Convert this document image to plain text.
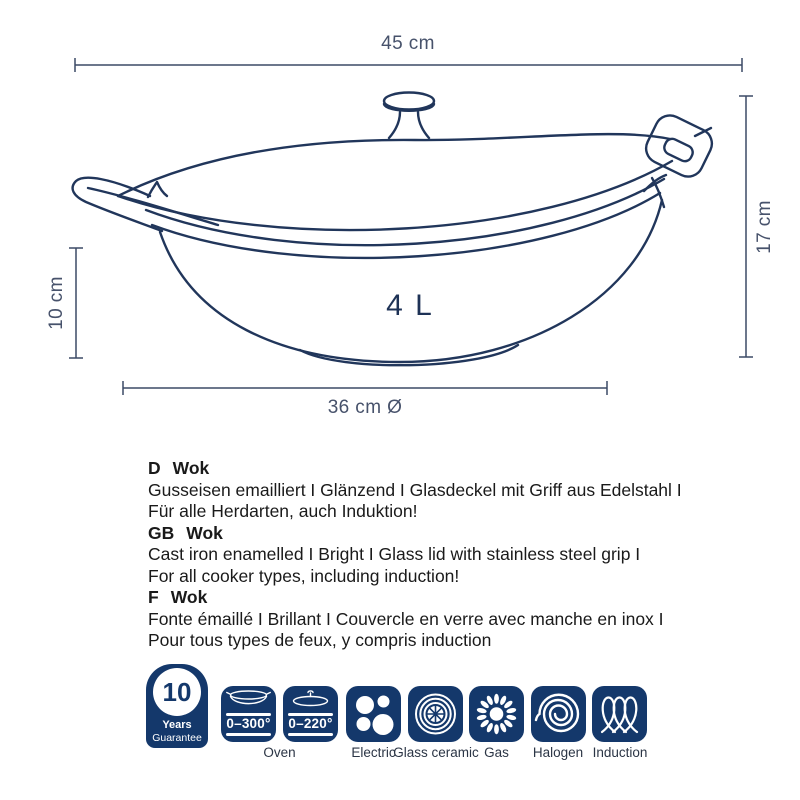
45 cm
17 cm
10 cm
36 cm Ø
4 L
D Wok
Gusseisen emailliert I Glänzend I Glasdeckel mit Griff aus Edelstahl I
Für alle Herdarten, auch Induktion!
GB Wok
Cast iron enamelled I Bright I Glass lid with stainless steel grip I
For all cooker types, including induction!
F Wok
Fonte émaillé I Brillant I Couvercle en verre avec manche en inox I
Pour tous types de feux, y compris induction
10
Years
Guarantee
0–300°	0–220°
Oven	Electric
Glass ceramic Gas	Halogen Induction
